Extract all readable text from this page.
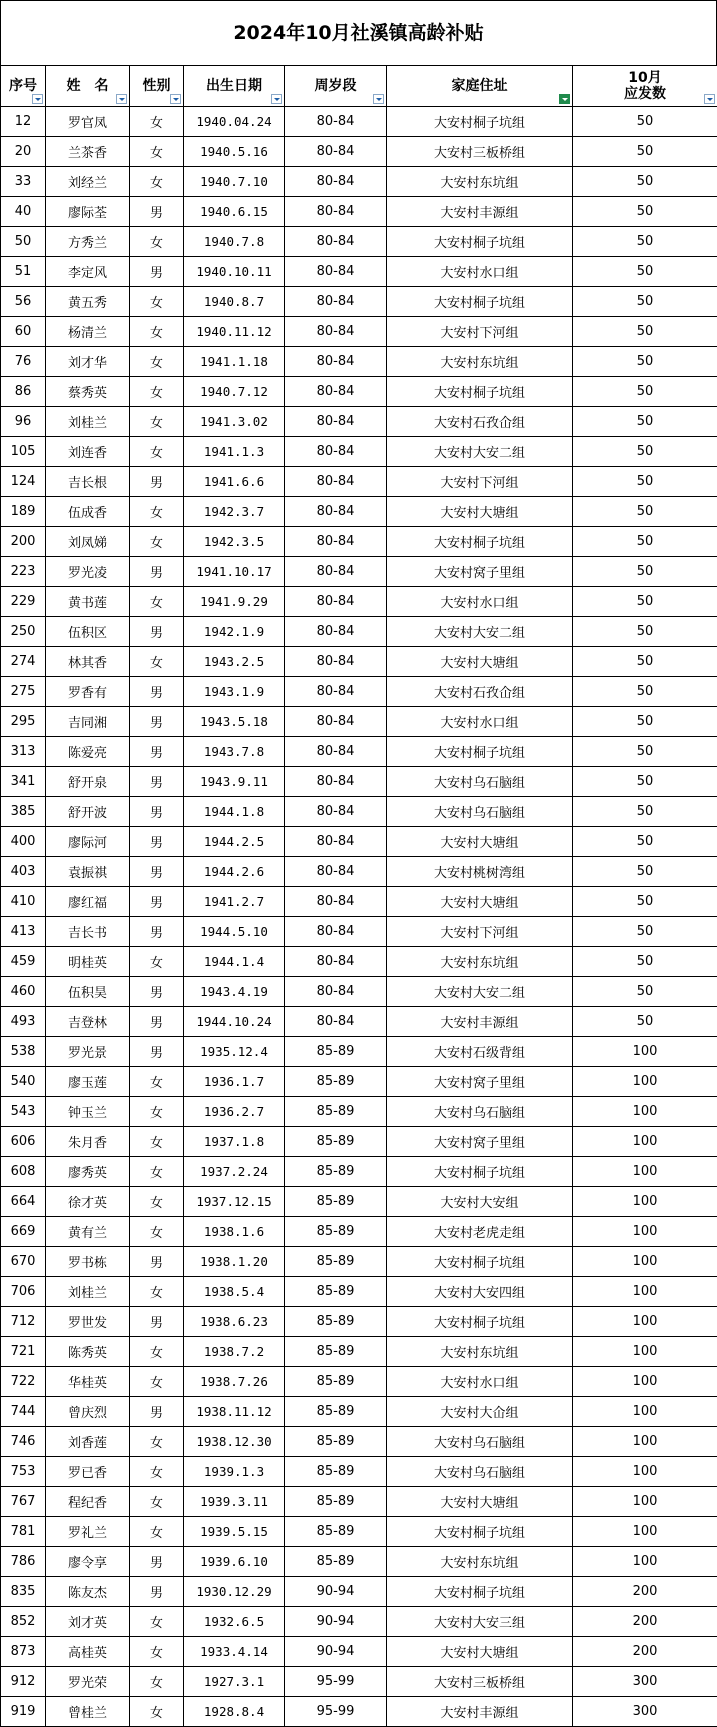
2024年10月社溪镇高龄补贴
序号	姓　名	性别	出生日期	周岁段	家庭住址	10月
应发数

12	罗官凤	女	1940.04.24	80-84	大安村桐子坑组	50
20	兰茶香	女	1940.5.16	80-84	大安村三板桥组	50
33	刘经兰	女	1940.7.10	80-84	大安村东坑组	50
40	廖际荃	男	1940.6.15	80-84	大安村丰源组	50
50	方秀兰	女	1940.7.8	80-84	大安村桐子坑组	50
51	李定风	男	1940.10.11	80-84	大安村水口组	50
56	黄五秀	女	1940.8.7	80-84	大安村桐子坑组	50
60	杨清兰	女	1940.11.12	80-84	大安村下河组	50
76	刘才华	女	1941.1.18	80-84	大安村东坑组	50
86	蔡秀英	女	1940.7.12	80-84	大安村桐子坑组	50
96	刘桂兰	女	1941.3.02	80-84	大安村石孜仚组	50
105	刘连香	女	1941.1.3	80-84	大安村大安二组	50
124	吉长根	男	1941.6.6	80-84	大安村下河组	50
189	伍成香	女	1942.3.7	80-84	大安村大塘组	50
200	刘凤娣	女	1942.3.5	80-84	大安村桐子坑组	50
223	罗光凌	男	1941.10.17	80-84	大安村窝子里组	50
229	黄书莲	女	1941.9.29	80-84	大安村水口组	50
250	伍积区	男	1942.1.9	80-84	大安村大安二组	50
274	林其香	女	1943.2.5	80-84	大安村大塘组	50
275	罗香有	男	1943.1.9	80-84	大安村石孜仚组	50
295	吉同湘	男	1943.5.18	80-84	大安村水口组	50
313	陈爱亮	男	1943.7.8	80-84	大安村桐子坑组	50
341	舒开泉	男	1943.9.11	80-84	大安村乌石脑组	50
385	舒开波	男	1944.1.8	80-84	大安村乌石脑组	50
400	廖际河	男	1944.2.5	80-84	大安村大塘组	50
403	袁振祺	男	1944.2.6	80-84	大安村桃树湾组	50
410	廖红福	男	1941.2.7	80-84	大安村大塘组	50
413	吉长书	男	1944.5.10	80-84	大安村下河组	50
459	明桂英	女	1944.1.4	80-84	大安村东坑组	50
460	伍积昊	男	1943.4.19	80-84	大安村大安二组	50
493	吉登林	男	1944.10.24	80-84	大安村丰源组	50
538	罗光景	男	1935.12.4	85-89	大安村石级背组	100
540	廖玉莲	女	1936.1.7	85-89	大安村窝子里组	100
543	钟玉兰	女	1936.2.7	85-89	大安村乌石脑组	100
606	朱月香	女	1937.1.8	85-89	大安村窝子里组	100
608	廖秀英	女	1937.2.24	85-89	大安村桐子坑组	100
664	徐才英	女	1937.12.15	85-89	大安村大安组	100
669	黄有兰	女	1938.1.6	85-89	大安村老虎走组	100
670	罗书栋	男	1938.1.20	85-89	大安村桐子坑组	100
706	刘桂兰	女	1938.5.4	85-89	大安村大安四组	100
712	罗世发	男	1938.6.23	85-89	大安村桐子坑组	100
721	陈秀英	女	1938.7.2	85-89	大安村东坑组	100
722	华桂英	女	1938.7.26	85-89	大安村水口组	100
744	曾庆烈	男	1938.11.12	85-89	大安村大仚组	100
746	刘香莲	女	1938.12.30	85-89	大安村乌石脑组	100
753	罗已香	女	1939.1.3	85-89	大安村乌石脑组	100
767	程纪香	女	1939.3.11	85-89	大安村大塘组	100
781	罗礼兰	女	1939.5.15	85-89	大安村桐子坑组	100
786	廖令享	男	1939.6.10	85-89	大安村东坑组	100
835	陈友杰	男	1930.12.29	90-94	大安村桐子坑组	200
852	刘才英	女	1932.6.5	90-94	大安村大安三组	200
873	高桂英	女	1933.4.14	90-94	大安村大塘组	200
912	罗光荣	女	1927.3.1	95-99	大安村三板桥组	300
919	曾桂兰	女	1928.8.4	95-99	大安村丰源组	300
